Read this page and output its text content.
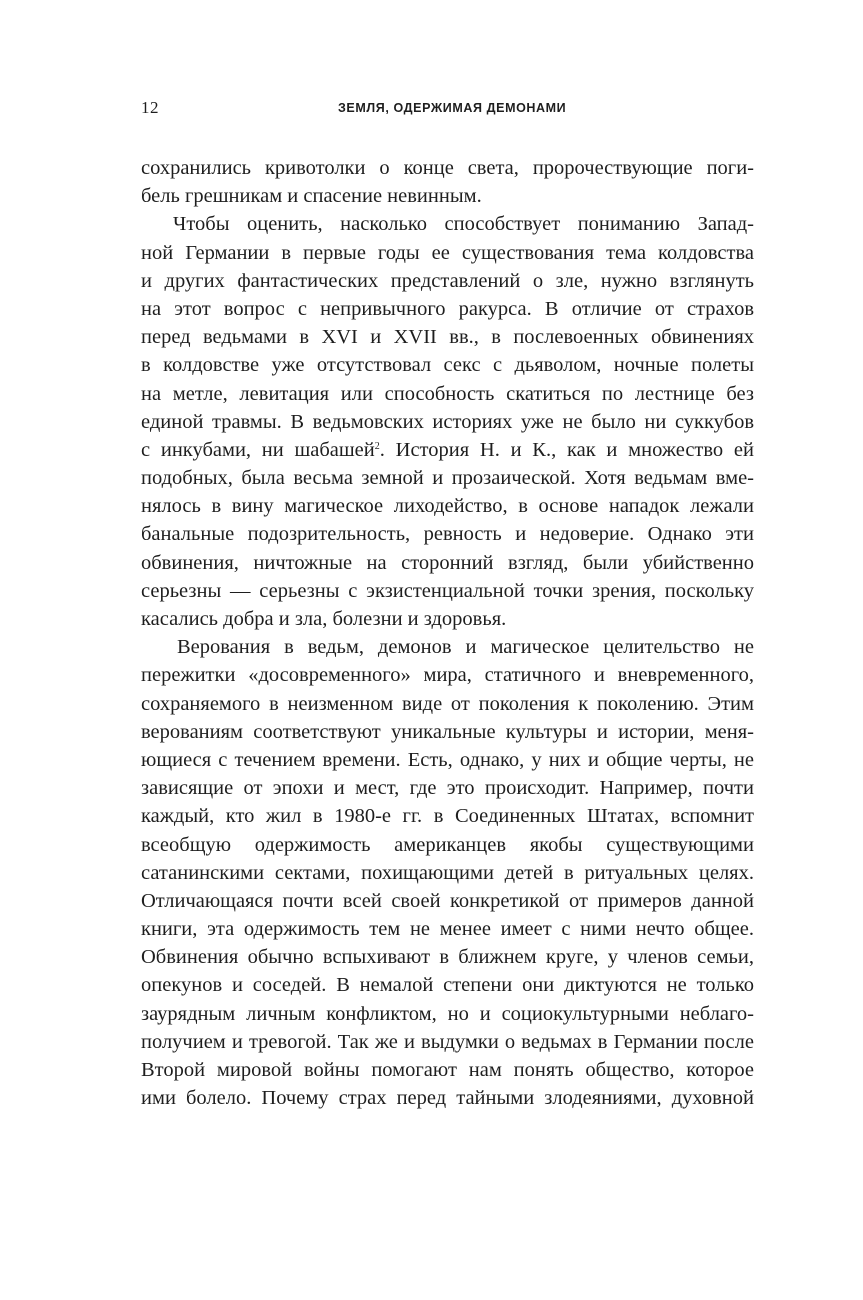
12	ЗЕМЛЯ, ОДЕРЖИМАЯ ДЕМОНАМИ
сохранились кривотолки о конце света, пророчествующие поги-
бель грешникам и спасение невинным.
Чтобы оценить, насколько способствует пониманию Запад-
ной Германии в первые годы ее существования тема колдовства
и других фантастических представлений о зле, нужно взглянуть
на этот вопрос с непривычного ракурса. В отличие от страхов
перед ведьмами в XVI и XVII вв., в послевоенных обвинениях
в колдовстве уже отсутствовал секс с дьяволом, ночные полеты
на метле, левитация или способность скатиться по лестнице без
единой травмы. В ведьмовских историях уже не было ни суккубов
с инкубами, ни шабашей$^2$. История Н. и К., как и множество ей
подобных, была весьма земной и прозаической. Хотя ведьмам вме-
нялось в вину магическое лиходейство, в основе нападок лежали
банальные подозрительность, ревность и недоверие. Однако эти
обвинения, ничтожные на сторонний взгляд, были убийственно
серьезны — серьезны с экзистенциальной точки зрения, поскольку
касались добра и зла, болезни и здоровья.
Верования в ведьм, демонов и магическое целительство не
пережитки «досовременного» мира, статичного и вневременного,
сохраняемого в неизменном виде от поколения к поколению. Этим
верованиям соответствуют уникальные культуры и истории, меня-
ющиеся с течением времени. Есть, однако, у них и общие черты, не
зависящие от эпохи и мест, где это происходит. Например, почти
каждый, кто жил в 1980-е гг. в Соединенных Штатах, вспомнит
всеобщую одержимость американцев якобы существующими
сатанинскими сектами, похищающими детей в ритуальных целях.
Отличающаяся почти всей своей конкретикой от примеров данной
книги, эта одержимость тем не менее имеет с ними нечто общее.
Обвинения обычно вспыхивают в ближнем круге, у членов семьи,
опекунов и соседей. В немалой степени они диктуются не только
заурядным личным конфликтом, но и социокультурными неблаго-
получием и тревогой. Так же и выдумки о ведьмах в Германии после
Второй мировой войны помогают нам понять общество, которое
ими болело. Почему страх перед тайными злодеяниями, духовной
